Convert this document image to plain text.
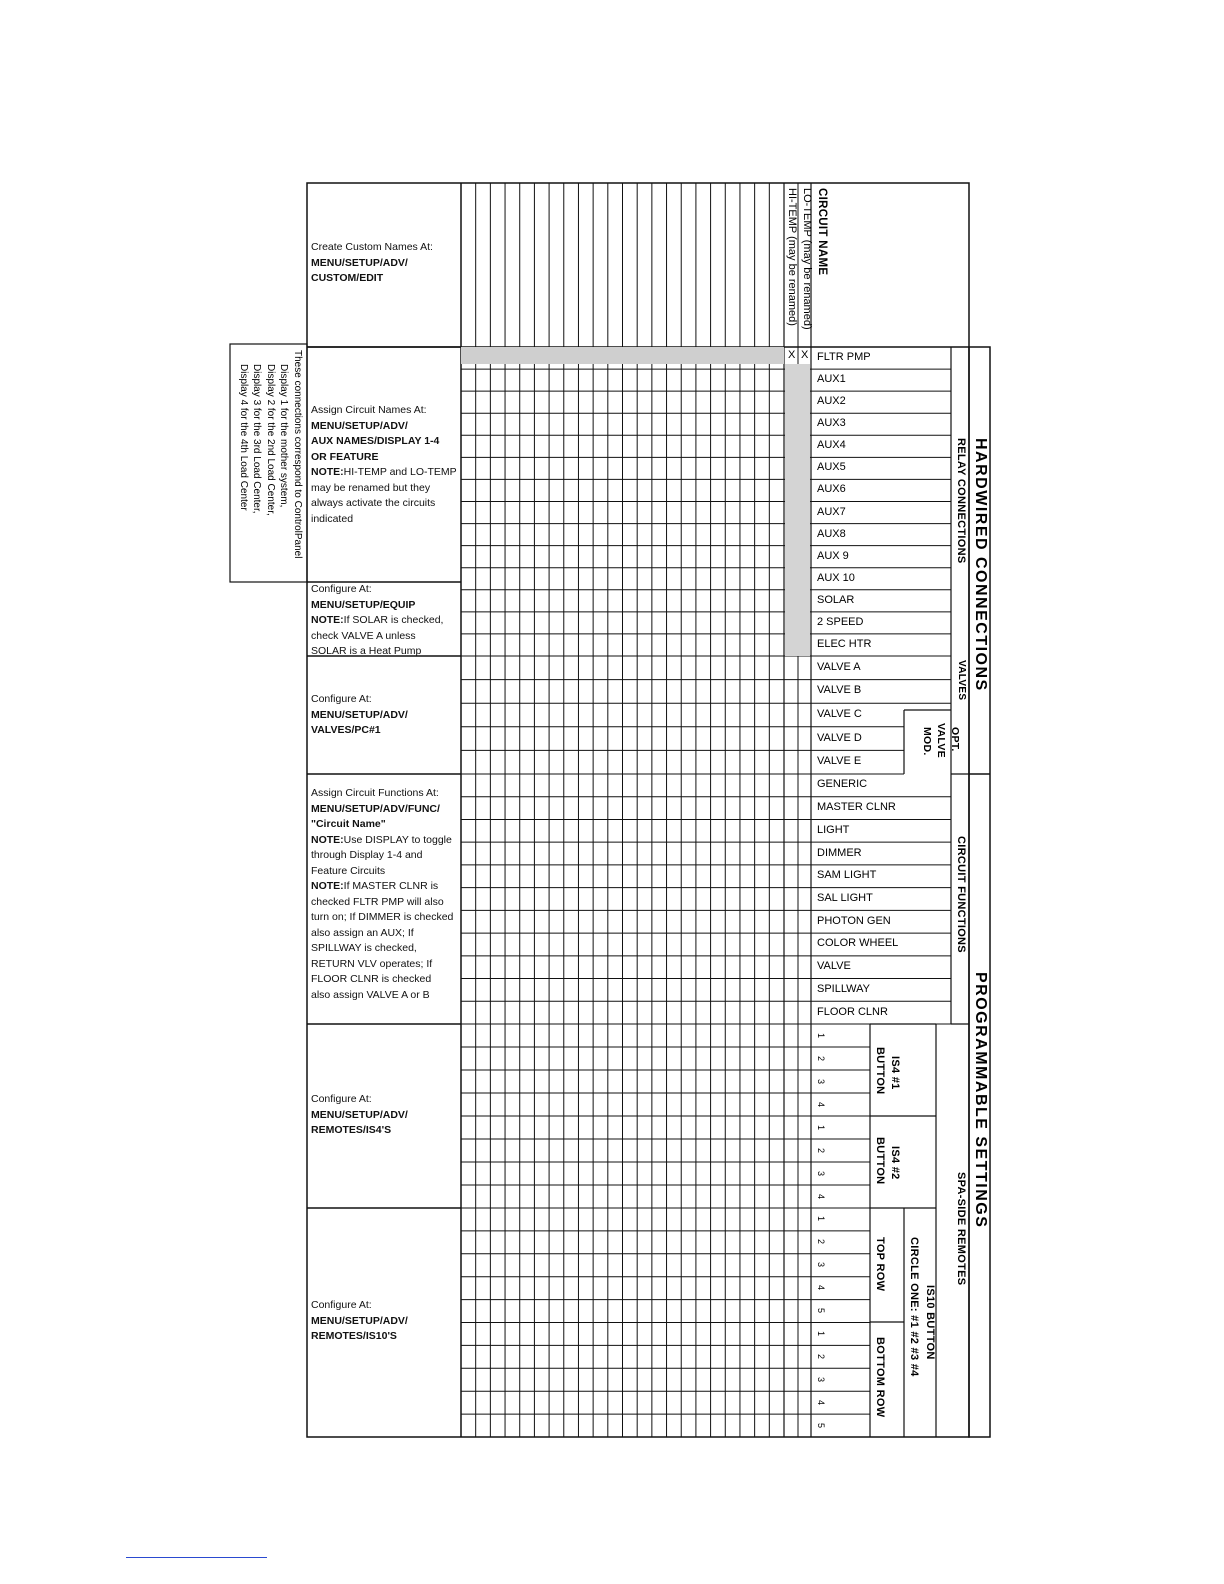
CIRCUIT NAME
LO-TEMP (may be renamed)
HI-TEMP (may be renamed)
X X
These connections correspond to ControlPanel
Display 1 for the mother system,
Display 2 for the 2nd Load Center,
Display 3 for the 3rd Load Center,
Display 4 for the 4th Load Center
Create Custom Names At:
MENU/SETUP/ADV/
CUSTOM/EDIT
Assign Circuit Names At:
MENU/SETUP/ADV/
AUX NAMES/DISPLAY 1-4
OR FEATURE
NOTE:HI-TEMP and LO-TEMP
may be renamed but they
always activate the circuits
indicated
Configure At:
MENU/SETUP/EQUIP
NOTE:If SOLAR is checked,
check VALVE A unless
SOLAR is a Heat Pump
Configure At:
MENU/SETUP/ADV/
VALVES/PC#1
Assign Circuit Functions At:
MENU/SETUP/ADV/FUNC/
"Circuit Name"
NOTE:Use DISPLAY to toggle
through Display 1-4 and
Feature Circuits
NOTE:If MASTER CLNR is
checked FLTR PMP will also
turn on; If DIMMER is checked
also assign an AUX; If
SPILLWAY is checked,
RETURN VLV operates; If
FLOOR CLNR is checked
also assign VALVE A or B
Configure At:
MENU/SETUP/ADV/
REMOTES/IS4'S
Configure At:
MENU/SETUP/ADV/
REMOTES/IS10'S
FLTR PMP
AUX1
AUX2
AUX3
AUX4
AUX5
AUX6
AUX7
AUX8
AUX 9
AUX 10
SOLAR
2 SPEED
ELEC HTR
VALVE A
VALVE B
VALVE C
VALVE D
VALVE E
GENERIC
MASTER CLNR
LIGHT
DIMMER
SAM LIGHT
SAL LIGHT
PHOTON GEN
COLOR WHEEL
VALVE
SPILLWAY
FLOOR CLNR
1
2
3
4
1
2
3
4
1
2
3
4
5
1
2
3
4
5
HARDWIRED CONNECTIONS
RELAY CONNECTIONS
VALVES
OPT.
VALVE
MOD.
PROGRAMMABLE SETTINGS
CIRCUIT FUNCTIONS
SPA-SIDE REMOTES
IS4 #1
BUTTON
IS4 #2
BUTTON
IS10 BUTTON
CIRCLE ONE: #1 #2 #3 #4
TOP ROW
BOTTOM ROW
